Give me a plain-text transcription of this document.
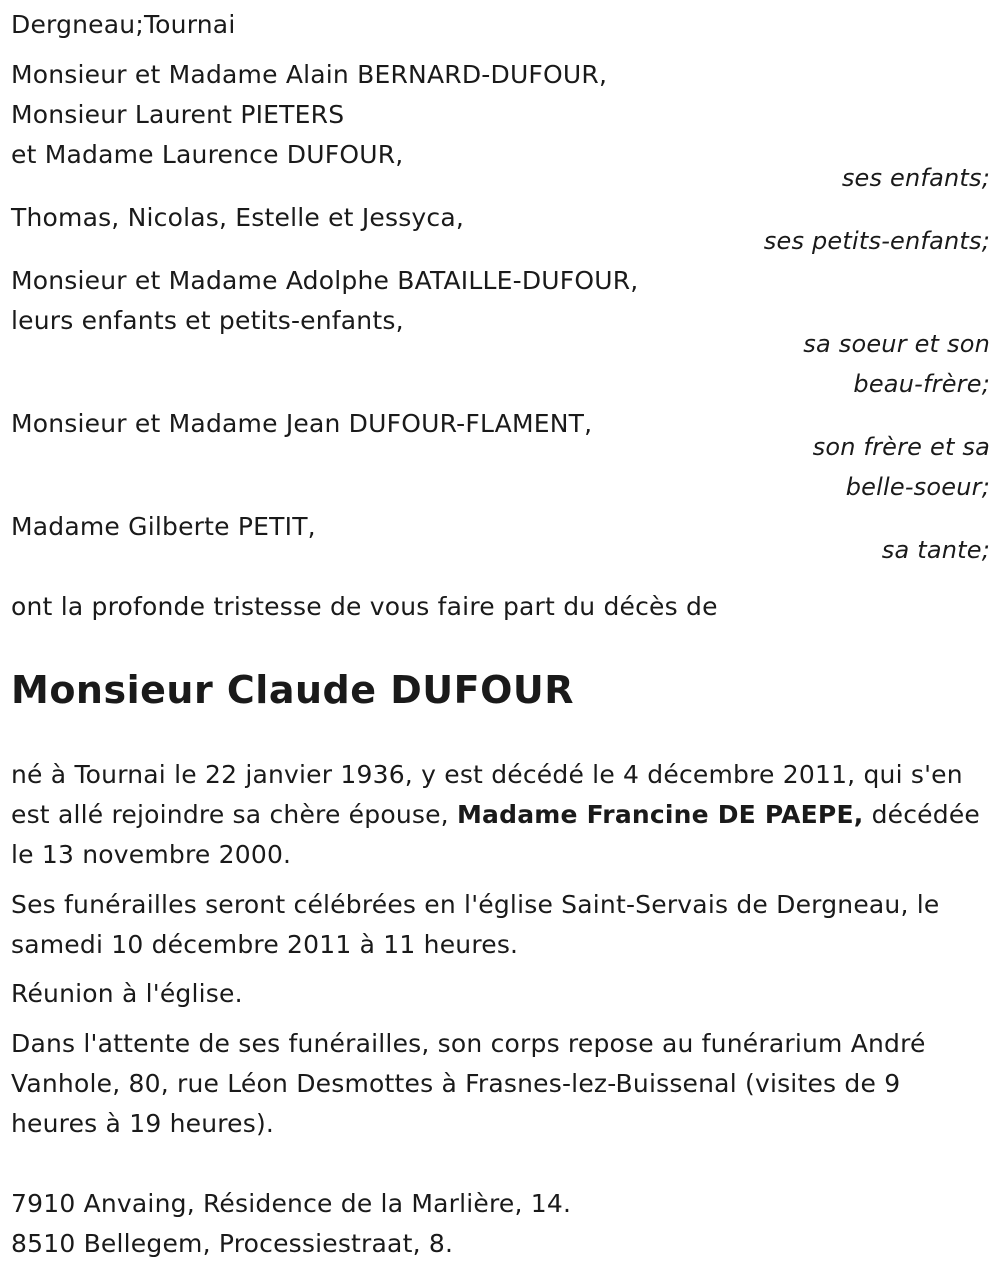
Dergneau;Tournai
Monsieur et Madame Alain BERNARD-DUFOUR,
Monsieur Laurent PIETERS
et Madame Laurence DUFOUR,
ses enfants;
Thomas, Nicolas, Estelle et Jessyca,
ses petits-enfants;
Monsieur et Madame Adolphe BATAILLE-DUFOUR,
leurs enfants et petits-enfants,
sa soeur et son
beau-frère;
Monsieur et Madame Jean DUFOUR-FLAMENT,
son frère et sa
belle-soeur;
Madame Gilberte PETIT,
sa tante;
ont la profonde tristesse de vous faire part du décès de
Monsieur Claude DUFOUR
né à Tournai le 22 janvier 1936, y est décédé le 4 décembre 2011, qui s'en est allé rejoindre sa chère épouse, Madame Francine DE PAEPE, décédée le 13 novembre 2000.
Ses funérailles seront célébrées en l'église Saint-Servais de Dergneau, le samedi 10 décembre 2011 à 11 heures.
Réunion à l'église.
Dans l'attente de ses funérailles, son corps repose au funérarium André Vanhole, 80, rue Léon Desmottes à Frasnes-lez-Buissenal (visites de 9 heures à 19 heures).
7910 Anvaing, Résidence de la Marlière, 14.
8510 Bellegem, Processiestraat, 8.
